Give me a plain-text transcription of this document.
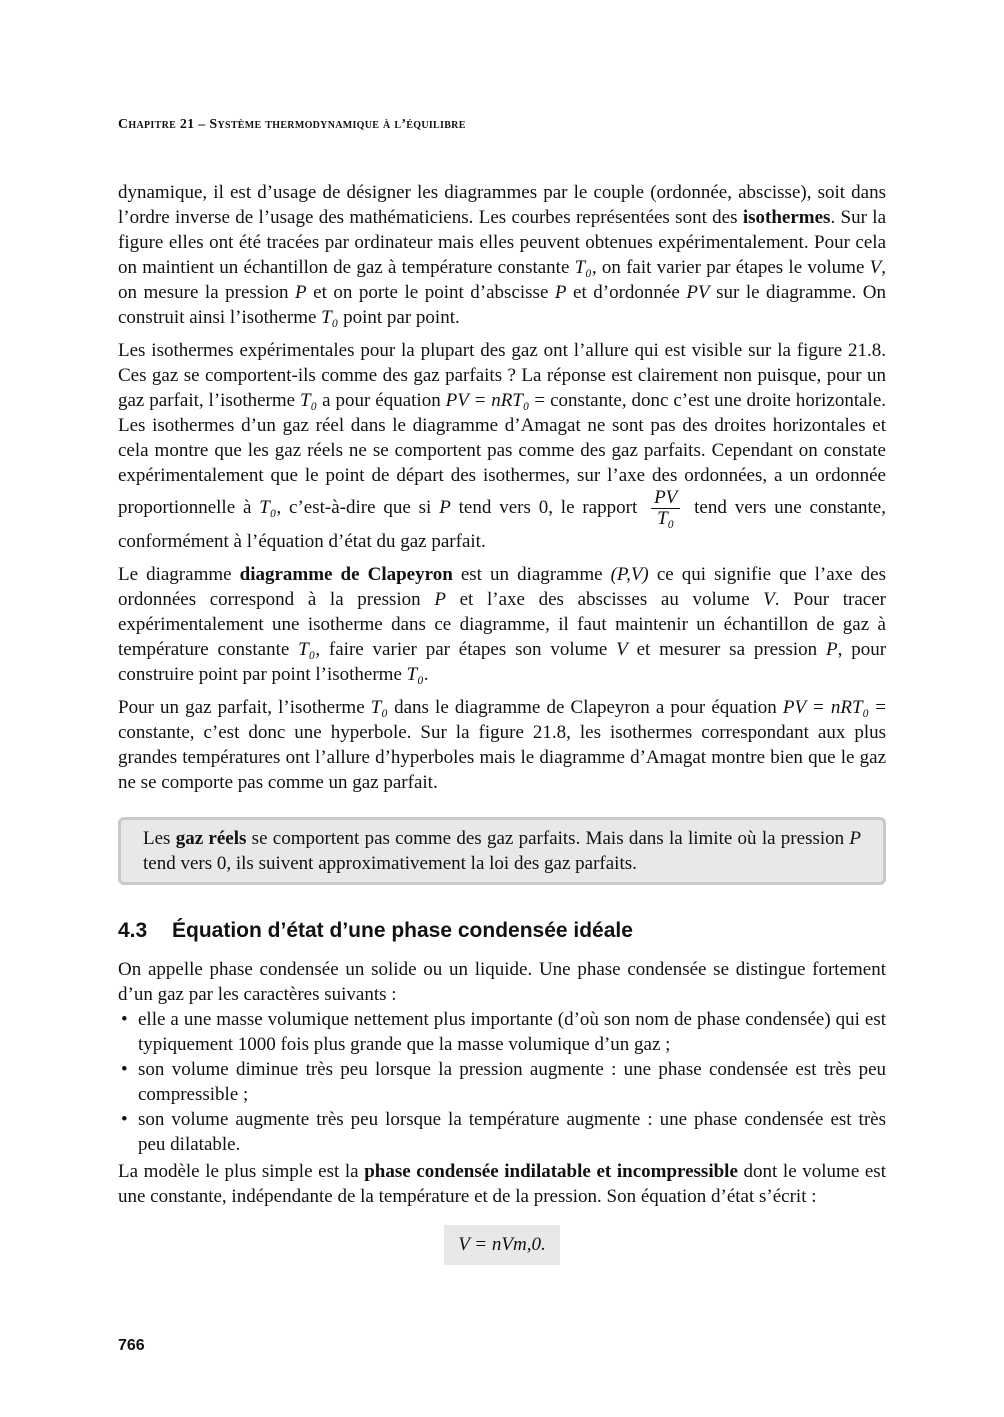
Chapitre 21 – Système thermodynamique à l’équilibre

dynamique, il est d’usage de désigner les diagrammes par le couple (ordonnée, abscisse), soit dans l’ordre inverse de l’usage des mathématiciens. Les courbes représentées sont des isothermes. Sur la figure elles ont été tracées par ordinateur mais elles peuvent obtenues expérimentalement. Pour cela on maintient un échantillon de gaz à température constante T₀, on fait varier par étapes le volume V, on mesure la pression P et on porte le point d’abscisse P et d’ordonnée PV sur le diagramme. On construit ainsi l’isotherme T₀ point par point.

Les isothermes expérimentales pour la plupart des gaz ont l’allure qui est visible sur la figure 21.8. Ces gaz se comportent-ils comme des gaz parfaits ? La réponse est clairement non puisque, pour un gaz parfait, l’isotherme T₀ a pour équation PV = nRT₀ = constante, donc c’est une droite horizontale. Les isothermes d’un gaz réel dans le diagramme d’Amagat ne sont pas des droites horizontales et cela montre que les gaz réels ne se comportent pas comme des gaz parfaits. Cependant on constate expérimentalement que le point de départ des isothermes, sur l’axe des ordonnées, a un ordonnée proportionnelle à T₀, c’est-à-dire que si P tend vers 0, le rapport $\frac{PV}{\text{T₀}}$ tend vers une constante, conformément à l’équation d’état du gaz parfait.

Le diagramme diagramme de Clapeyron est un diagramme (P,V) ce qui signifie que l’axe des ordonnées correspond à la pression P et l’axe des abscisses au volume V. Pour tracer expérimentalement une isotherme dans ce diagramme, il faut maintenir un échantillon de gaz à température constante T₀, faire varier par étapes son volume V et mesurer sa pression P, pour construire point par point l’isotherme T₀.

Pour un gaz parfait, l’isotherme T₀ dans le diagramme de Clapeyron a pour équation PV = nRT₀ = constante, c’est donc une hyperbole. Sur la figure 21.8, les isothermes correspondant aux plus grandes températures ont l’allure d’hyperboles mais le diagramme d’Amagat montre bien que le gaz ne se comporte pas comme un gaz parfait.

Les gaz réels se comportent pas comme des gaz parfaits. Mais dans la limite où la pression P tend vers 0, ils suivent approximativement la loi des gaz parfaits.

4.3	Équation d’état d’une phase condensée idéale

On appelle phase condensée un solide ou un liquide. Une phase condensée se distingue fortement d’un gaz par les caractères suivants :

• elle a une masse volumique nettement plus importante (d’où son nom de phase condensée) qui est typiquement 1000 fois plus grande que la masse volumique d’un gaz ;
• son volume diminue très peu lorsque la pression augmente : une phase condensée est très peu compressible ;
• son volume augmente très peu lorsque la température augmente : une phase condensée est très peu dilatable.

La modèle le plus simple est la phase condensée indilatable et incompressible dont le volume est une constante, indépendante de la température et de la pression. Son équation d’état s’écrit :

V = nVm,0.
766
